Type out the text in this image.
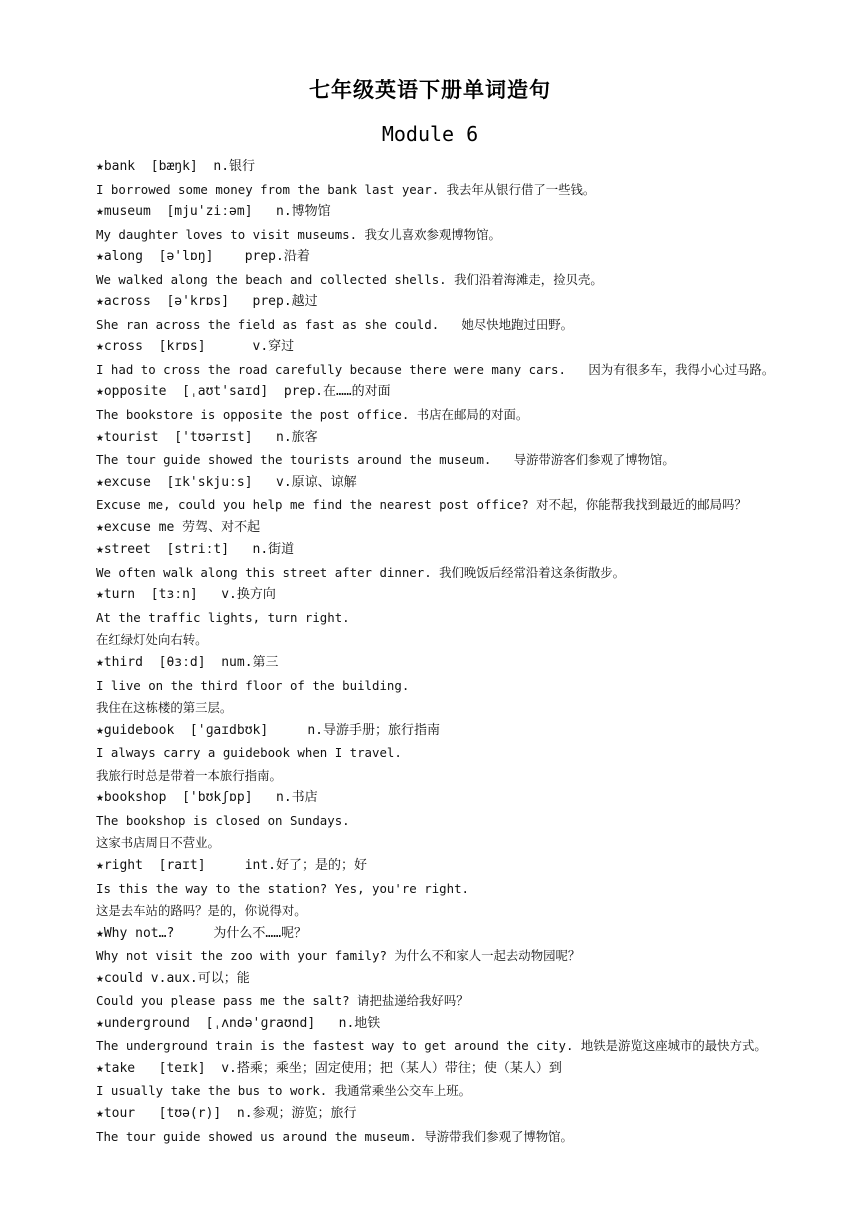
七年级英语下册单词造句
Module 6
★bank  [bæŋk]  n.银行
I borrowed some money from the bank last year. 我去年从银行借了一些钱。
★museum  [mju'ziːəm]   n.博物馆
My daughter loves to visit museums. 我女儿喜欢参观博物馆。
★along  [ə'lɒŋ]    prep.沿着
We walked along the beach and collected shells. 我们沿着海滩走，捡贝壳。
★across  [ə'krɒs]   prep.越过
She ran across the field as fast as she could.   她尽快地跑过田野。
★cross  [krɒs]      v.穿过
I had to cross the road carefully because there were many cars.   因为有很多车，我得小心过马路。
★opposite  [ˌaʊt'saɪd]  prep.在……的对面
The bookstore is opposite the post office. 书店在邮局的对面。
★tourist  ['tʊərɪst]   n.旅客
The tour guide showed the tourists around the museum.   导游带游客们参观了博物馆。
★excuse  [ɪk'skjuːs]   v.原谅、谅解
Excuse me, could you help me find the nearest post office? 对不起，你能帮我找到最近的邮局吗？
★excuse me 劳驾、对不起
★street  [striːt]   n.街道
We often walk along this street after dinner. 我们晚饭后经常沿着这条街散步。
★turn  [tɜːn]   v.换方向
At the traffic lights, turn right.
在红绿灯处向右转。
★third  [θɜːd]  num.第三
I live on the third floor of the building.
我住在这栋楼的第三层。
★guidebook  ['ɡaɪdbʊk]     n.导游手册；旅行指南
I always carry a guidebook when I travel.
我旅行时总是带着一本旅行指南。
★bookshop  ['bʊkʃɒp]   n.书店
The bookshop is closed on Sundays.
这家书店周日不营业。
★right  [raɪt]     int.好了；是的；好
Is this the way to the station? Yes, you're right.
这是去车站的路吗？是的，你说得对。
★Why not…?     为什么不……呢？
Why not visit the zoo with your family? 为什么不和家人一起去动物园呢？
★could v.aux.可以；能
Could you please pass me the salt? 请把盐递给我好吗？
★underground  [ˌʌndə'ɡraʊnd]   n.地铁
The underground train is the fastest way to get around the city. 地铁是游览这座城市的最快方式。
★take   [teɪk]  v.搭乘；乘坐；固定使用；把（某人）带往；使（某人）到
I usually take the bus to work. 我通常乘坐公交车上班。
★tour   [tʊə(r)]  n.参观；游览；旅行
The tour guide showed us around the museum. 导游带我们参观了博物馆。
